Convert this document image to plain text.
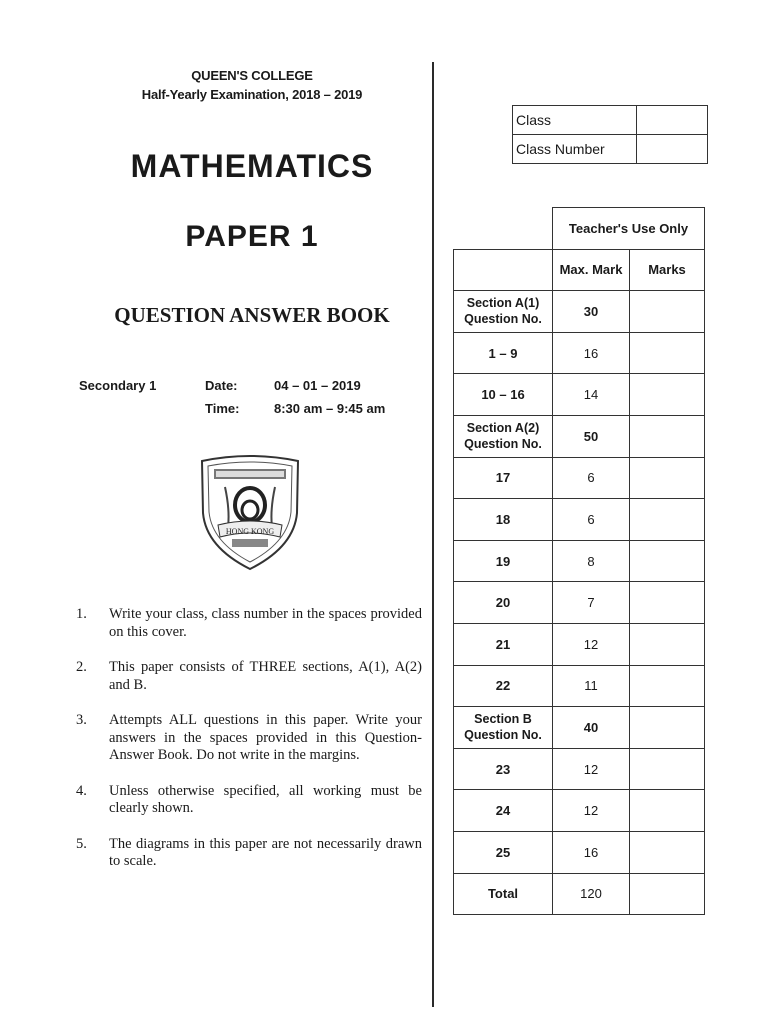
QUEEN'S COLLEGE
Half-Yearly Examination, 2018 – 2019
MATHEMATICS
PAPER 1
QUESTION ANSWER BOOK
Secondary 1	Date:	04 – 01 – 2019
Time:	8:30 am – 9:45 am
HONG KONG
1.	Write your class, class number in the spaces provided on this cover.
2.	This paper consists of THREE sections, A(1), A(2) and B.
3.	Attempts ALL questions in this paper. Write your answers in the spaces provided in this Question-Answer Book. Do not write in the margins.
4.	Unless otherwise specified, all working must be clearly shown.
5.	The diagrams in this paper are not necessarily drawn to scale.
Class	
Class Number	
	Teacher's Use Only	
	Max. Mark	Marks
Section A(1)
Question No.	30	
1 – 9	16	
10 – 16	14	
Section A(2)
Question No.	50	
17	6	
18	6	
19	8	
20	7	
21	12	
22	11	
Section B
Question No.	40	
23	12	
24	12	
25	16	
Total	120	
